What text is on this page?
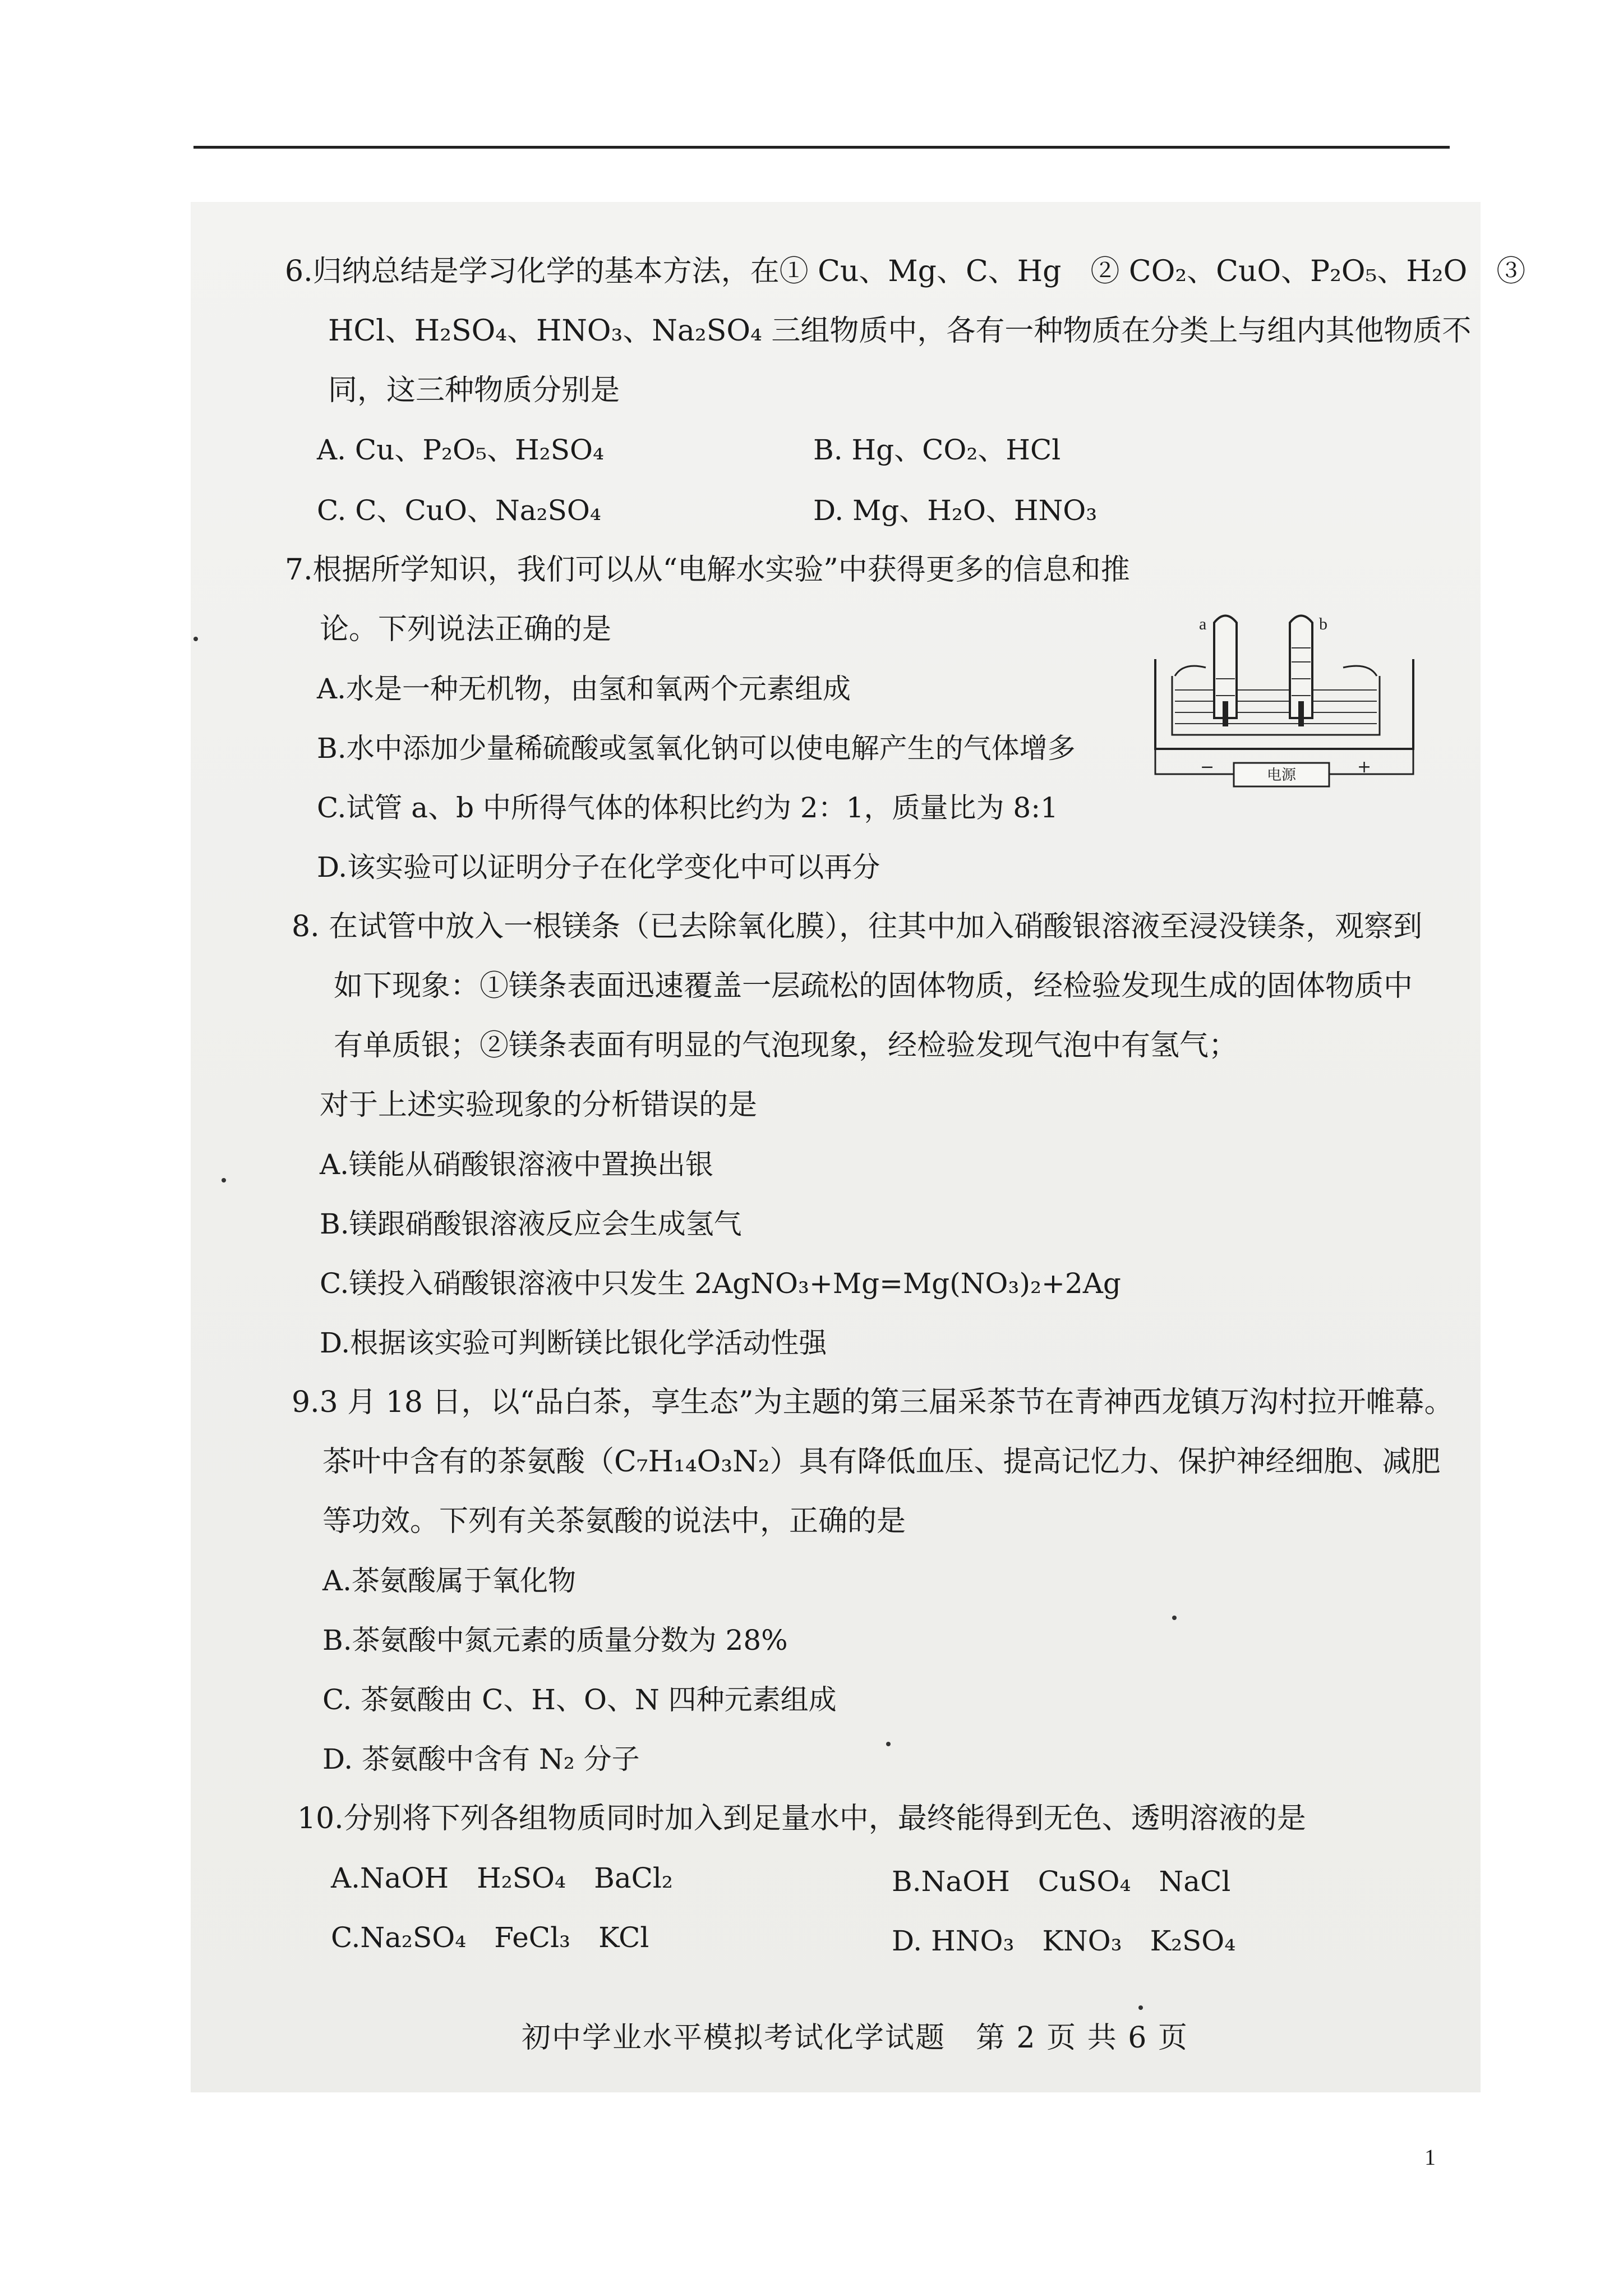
6.归纳总结是学习化学的基本方法，在① Cu、Mg、C、Hg　② CO₂、CuO、P₂O₅、H₂O　③
HCl、H₂SO₄、HNO₃、Na₂SO₄ 三组物质中，各有一种物质在分类上与组内其他物质不
同，这三种物质分别是
A. Cu、P₂O₅、H₂SO₄	B. Hg、CO₂、HCl
C. C、CuO、Na₂SO₄	D. Mg、H₂O、HNO₃
7.根据所学知识，我们可以从“电解水实验”中获得更多的信息和推
论。下列说法正确的是
A.水是一种无机物，由氢和氧两个元素组成
B.水中添加少量稀硫酸或氢氧化钠可以使电解产生的气体增多
C.试管 a、b 中所得气体的体积比约为 2：1，质量比为 8:1
D.该实验可以证明分子在化学变化中可以再分
电源
−	+
a	b
8. 在试管中放入一根镁条（已去除氧化膜），往其中加入硝酸银溶液至浸没镁条，观察到
如下现象：①镁条表面迅速覆盖一层疏松的固体物质，经检验发现生成的固体物质中
有单质银；②镁条表面有明显的气泡现象，经检验发现气泡中有氢气；
对于上述实验现象的分析错误的是
A.镁能从硝酸银溶液中置换出银
B.镁跟硝酸银溶液反应会生成氢气
C.镁投入硝酸银溶液中只发生 2AgNO₃+Mg=Mg(NO₃)₂+2Ag
D.根据该实验可判断镁比银化学活动性强
9.3 月 18 日，以“品白茶，享生态”为主题的第三届采茶节在青神西龙镇万沟村拉开帷幕。
茶叶中含有的茶氨酸（C₇H₁₄O₃N₂）具有降低血压、提高记忆力、保护神经细胞、减肥
等功效。下列有关茶氨酸的说法中，正确的是
A.茶氨酸属于氧化物
B.茶氨酸中氮元素的质量分数为 28%
C. 茶氨酸由 C、H、O、N 四种元素组成
D. 茶氨酸中含有 N₂ 分子
10.分别将下列各组物质同时加入到足量水中，最终能得到无色、透明溶液的是
A.NaOH　H₂SO₄　BaCl₂	B.NaOH　CuSO₄　NaCl
C.Na₂SO₄　FeCl₃　KCl	D. HNO₃　KNO₃　K₂SO₄
初中学业水平模拟考试化学试题　第 2 页 共 6 页
1
